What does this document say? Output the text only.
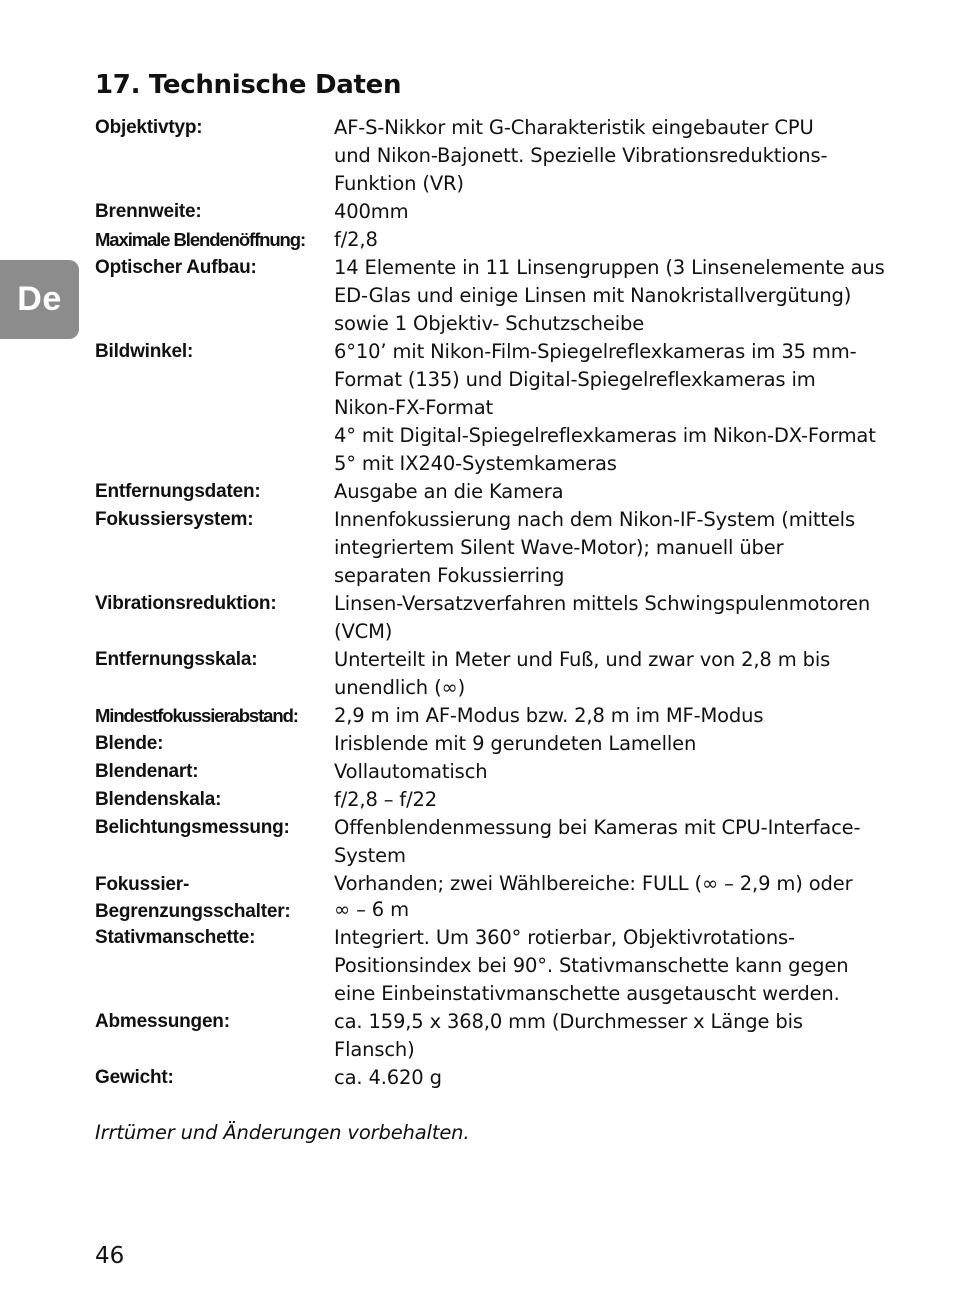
De
17. Technische Daten
Objektivtyp:	AF-S-Nikkor mit G-Charakteristik eingebauter CPU
und Nikon-Bajonett. Spezielle Vibrationsreduktions-
Funktion (VR)

Brennweite:	400mm

Maximale Blendenöffnung:	f/2,8

Optischer Aufbau:	14 Elemente in 11 Linsengruppen (3 Linsenelemente aus
ED-Glas und einige Linsen mit Nanokristallvergütung)
sowie 1 Objektiv- Schutzscheibe

Bildwinkel:	6°10’ mit Nikon-Film-Spiegelreflexkameras im 35 mm-
Format (135) und Digital-Spiegelreflexkameras im
Nikon-FX-Format
4° mit Digital-Spiegelreflexkameras im Nikon-DX-Format
5° mit IX240-Systemkameras

Entfernungsdaten:	Ausgabe an die Kamera

Fokussiersystem:	Innenfokussierung nach dem Nikon-IF-System (mittels
integriertem Silent Wave-Motor); manuell über
separaten Fokussierring

Vibrationsreduktion:	Linsen-Versatzverfahren mittels Schwingspulenmotoren
(VCM)

Entfernungsskala:	Unterteilt in Meter und Fuß, und zwar von 2,8 m bis
unendlich (∞)

Mindestfokussierabstand:	2,9 m im AF-Modus bzw. 2,8 m im MF-Modus

Blende:	Irisblende mit 9 gerundeten Lamellen

Blendenart:	Vollautomatisch

Blendenskala:	f/2,8 – f/22

Belichtungsmessung:	Offenblendenmessung bei Kameras mit CPU-Interface-
System

Fokussier-
Begrenzungsschalter:	Vorhanden; zwei Wählbereiche: FULL (∞ – 2,9 m) oder
∞ – 6 m

Stativmanschette:	Integriert. Um 360° rotierbar, Objektivrotations-
Positionsindex bei 90°. Stativmanschette kann gegen
eine Einbeinstativmanschette ausgetauscht werden.

Abmessungen:	ca. 159,5 x 368,0 mm (Durchmesser x Länge bis
Flansch)

Gewicht:	ca. 4.620 g
Irrtümer und Änderungen vorbehalten.
46
